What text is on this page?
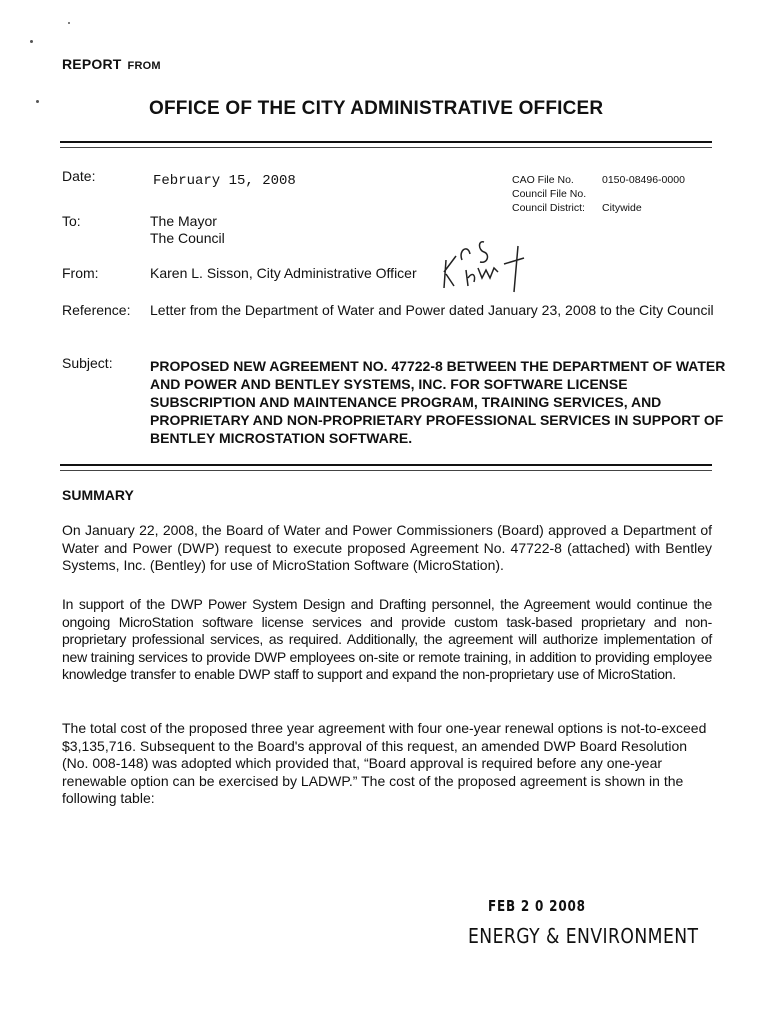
REPORT FROM
OFFICE OF THE CITY ADMINISTRATIVE OFFICER
Date:	February 15, 2008	CAO File No.	0150-08496-0000
Council File No.
Council District:	Citywide
To:	The Mayor
The Council
From:	Karen L. Sisson, City Administrative Officer
Reference: Letter from the Department of Water and Power dated January 23, 2008 to the City Council
Subject:	PROPOSED NEW AGREEMENT NO. 47722-8 BETWEEN THE DEPARTMENT OF WATER AND POWER AND BENTLEY SYSTEMS, INC. FOR SOFTWARE LICENSE SUBSCRIPTION AND MAINTENANCE PROGRAM, TRAINING SERVICES, AND PROPRIETARY AND NON-PROPRIETARY PROFESSIONAL SERVICES IN SUPPORT OF BENTLEY MICROSTATION SOFTWARE.
SUMMARY
On January 22, 2008, the Board of Water and Power Commissioners (Board) approved a Department of Water and Power (DWP) request to execute proposed Agreement No. 47722-8 (attached) with Bentley Systems, Inc. (Bentley) for use of MicroStation Software (MicroStation).
In support of the DWP Power System Design and Drafting personnel, the Agreement would continue the ongoing MicroStation software license services and provide custom task-based proprietary and non-proprietary professional services, as required. Additionally, the agreement will authorize implementation of new training services to provide DWP employees on-site or remote training, in addition to providing employee knowledge transfer to enable DWP staff to support and expand the non-proprietary use of MicroStation.
The total cost of the proposed three year agreement with four one-year renewal options is not-to-exceed $3,135,716. Subsequent to the Board's approval of this request, an amended DWP Board Resolution (No. 008-148) was adopted which provided that, “Board approval is required before any one-year renewable option can be exercised by LADWP.” The cost of the proposed agreement is shown in the following table:
FEB 2 0 2008
ENERGY & ENVIRONMENT
